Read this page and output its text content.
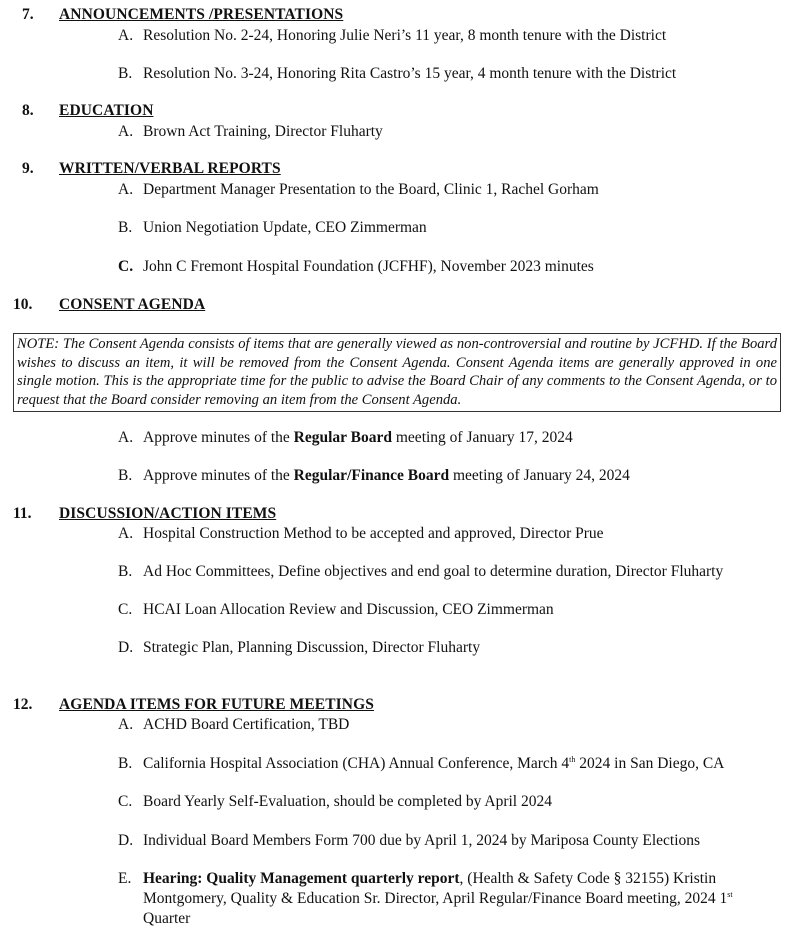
7. ANNOUNCEMENTS /PRESENTATIONS
A. Resolution No. 2-24, Honoring Julie Neri’s 11 year, 8 month tenure with the District
B. Resolution No. 3-24, Honoring Rita Castro’s 15 year, 4 month tenure with the District
8. EDUCATION
A. Brown Act Training, Director Fluharty
9. WRITTEN/VERBAL REPORTS
A. Department Manager Presentation to the Board, Clinic 1, Rachel Gorham
B. Union Negotiation Update, CEO Zimmerman
C. John C Fremont Hospital Foundation (JCFHF), November 2023 minutes
10. CONSENT AGENDA
NOTE: The Consent Agenda consists of items that are generally viewed as non-controversial and routine by JCFHD. If the Board wishes to discuss an item, it will be removed from the Consent Agenda. Consent Agenda items are generally approved in one single motion. This is the appropriate time for the public to advise the Board Chair of any comments to the Consent Agenda, or to request that the Board consider removing an item from the Consent Agenda.
A. Approve minutes of the Regular Board meeting of January 17, 2024
B. Approve minutes of the Regular/Finance Board meeting of January 24, 2024
11. DISCUSSION/ACTION ITEMS
A. Hospital Construction Method to be accepted and approved, Director Prue
B. Ad Hoc Committees, Define objectives and end goal to determine duration, Director Fluharty
C. HCAI Loan Allocation Review and Discussion, CEO Zimmerman
D. Strategic Plan, Planning Discussion, Director Fluharty
12. AGENDA ITEMS FOR FUTURE MEETINGS
A. ACHD Board Certification, TBD
B. California Hospital Association (CHA) Annual Conference, March 4th 2024 in San Diego, CA
C. Board Yearly Self-Evaluation, should be completed by April 2024
D. Individual Board Members Form 700 due by April 1, 2024 by Mariposa County Elections
E. Hearing: Quality Management quarterly report, (Health & Safety Code § 32155) Kristin Montgomery, Quality & Education Sr. Director, April Regular/Finance Board meeting, 2024 1st Quarter
